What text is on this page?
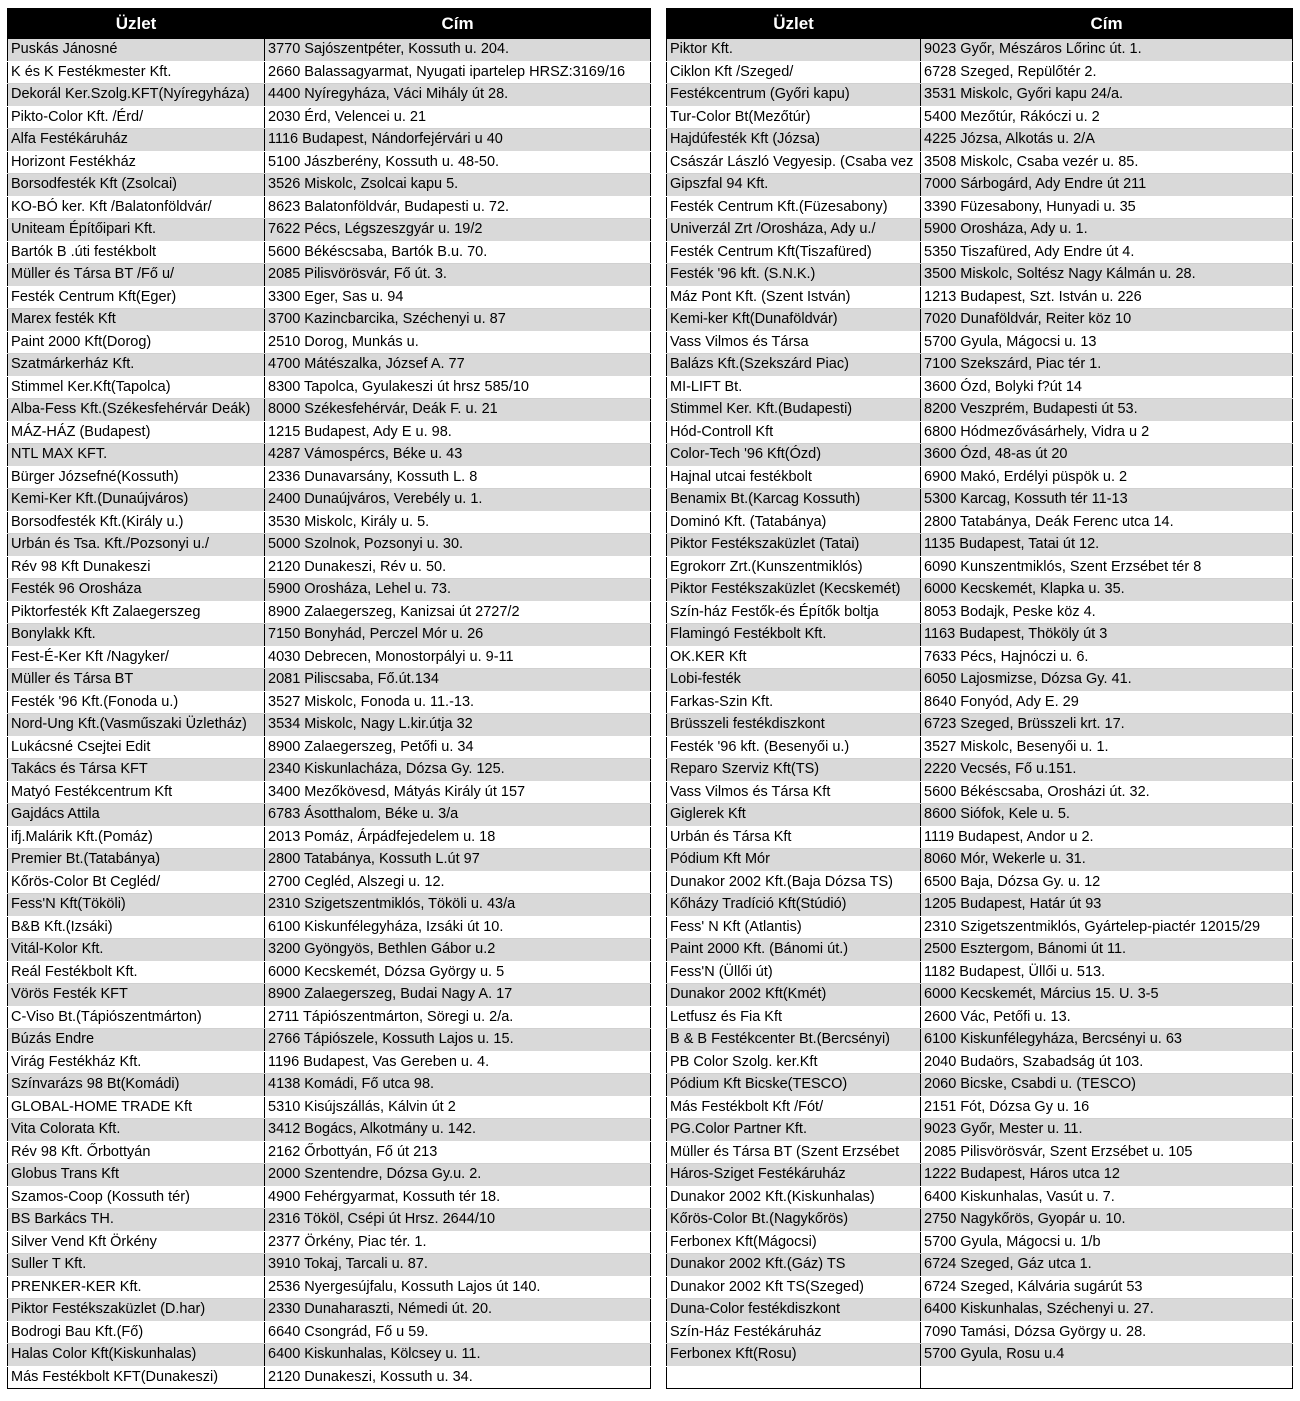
Üzlet	Cím
Puskás Jánosné	3770 Sajószentpéter, Kossuth u. 204.
K és K Festékmester Kft.	2660 Balassagyarmat, Nyugati ipartelep HRSZ:3169/16
Dekorál Ker.Szolg.KFT(Nyíregyháza)	4400 Nyíregyháza, Váci Mihály út 28.
Pikto-Color Kft. /Érd/	2030 Érd, Velencei u. 21
Alfa Festékáruház	1116 Budapest, Nándorfejérvári u 40
Horizont Festékház	5100 Jászberény, Kossuth u. 48-50.
Borsodfesték Kft (Zsolcai)	3526 Miskolc, Zsolcai kapu 5.
KO-BÓ ker. Kft /Balatonföldvár/	8623 Balatonföldvár, Budapesti u. 72.
Uniteam Építőipari Kft.	7622 Pécs, Légszeszgyár u. 19/2
Bartók B .úti festékbolt	5600 Békéscsaba, Bartók B.u. 70.
Müller és Társa BT /Fő u/	2085 Pilisvörösvár, Fő út. 3.
Festék Centrum Kft(Eger)	3300 Eger, Sas u. 94
Marex festék Kft	3700 Kazincbarcika, Széchenyi u. 87
Paint 2000 Kft(Dorog)	2510 Dorog, Munkás u.
Szatmárkerház Kft.	4700 Mátészalka, József A. 77
Stimmel Ker.Kft(Tapolca)	8300 Tapolca, Gyulakeszi út hrsz 585/10
Alba-Fess Kft.(Székesfehérvár Deák)	8000 Székesfehérvár, Deák F. u. 21
MÁZ-HÁZ (Budapest)	1215 Budapest, Ady E u. 98.
NTL MAX KFT.	4287 Vámospércs, Béke u. 43
Bürger Józsefné(Kossuth)	2336 Dunavarsány, Kossuth L. 8
Kemi-Ker Kft.(Dunaújváros)	2400 Dunaújváros, Verebély u. 1.
Borsodfesték Kft.(Király u.)	3530 Miskolc, Király u. 5.
Urbán és Tsa. Kft./Pozsonyi u./	5000 Szolnok, Pozsonyi u. 30.
Rév 98 Kft Dunakeszi	2120 Dunakeszi, Rév u. 50.
Festék 96 Orosháza	5900 Orosháza, Lehel u. 73.
Piktorfesték Kft Zalaegerszeg	8900 Zalaegerszeg, Kanizsai út 2727/2
Bonylakk Kft.	7150 Bonyhád, Perczel Mór u. 26
Fest-É-Ker Kft /Nagyker/	4030 Debrecen, Monostorpályi u. 9-11
Müller és Társa BT	2081 Piliscsaba, Fő.út.134
Festék '96 Kft.(Fonoda u.)	3527 Miskolc, Fonoda u. 11.-13.
Nord-Ung Kft.(Vasműszaki Üzletház)	3534 Miskolc, Nagy L.kir.útja 32
Lukácsné Csejtei Edit	8900 Zalaegerszeg, Petőfi u. 34
Takács és Társa KFT	2340 Kiskunlacháza, Dózsa Gy. 125.
Matyó Festékcentrum Kft	3400 Mezőkövesd, Mátyás Király út 157
Gajdács Attila	6783 Ásotthalom, Béke u. 3/a
ifj.Malárik Kft.(Pomáz)	2013 Pomáz, Árpádfejedelem u. 18
Premier Bt.(Tatabánya)	2800 Tatabánya, Kossuth L.út 97
Kőrös-Color Bt Cegléd/	2700 Cegléd, Alszegi u. 12.
Fess'N Kft(Tököli)	2310 Szigetszentmiklós, Tököli u. 43/a
B&B Kft.(Izsáki)	6100 Kiskunfélegyháza, Izsáki út 10.
Vitál-Kolor Kft.	3200 Gyöngyös, Bethlen Gábor u.2
Reál Festékbolt Kft.	6000 Kecskemét, Dózsa György u. 5
Vörös Festék KFT	8900 Zalaegerszeg, Budai Nagy A. 17
C-Viso Bt.(Tápiószentmárton)	2711 Tápiószentmárton, Söregi u. 2/a.
Búzás Endre	2766 Tápiószele, Kossuth Lajos u. 15.
Virág Festékház Kft.	1196 Budapest, Vas Gereben u. 4.
Színvarázs 98 Bt(Komádi)	4138 Komádi, Fő utca 98.
GLOBAL-HOME TRADE Kft	5310 Kisújszállás, Kálvin út 2
Vita Colorata Kft.	3412 Bogács, Alkotmány u. 142.
Rév 98 Kft. Őrbottyán	2162 Őrbottyán, Fő út 213
Globus Trans Kft	2000 Szentendre, Dózsa Gy.u. 2.
Szamos-Coop (Kossuth tér)	4900 Fehérgyarmat, Kossuth tér 18.
BS Barkács TH.	2316 Tököl, Csépi út Hrsz. 2644/10
Silver Vend Kft Örkény	2377 Örkény, Piac tér. 1.
Suller T Kft.	3910 Tokaj, Tarcali u. 87.
PRENKER-KER Kft.	2536 Nyergesújfalu, Kossuth Lajos út 140.
Piktor Festékszaküzlet (D.har)	2330 Dunaharaszti, Némedi út. 20.
Bodrogi Bau Kft.(Fő)	6640 Csongrád, Fő u 59.
Halas Color Kft(Kiskunhalas)	6400 Kiskunhalas, Kölcsey u. 11.
Más Festékbolt KFT(Dunakeszi)	2120 Dunakeszi, Kossuth u. 34.
Üzlet	Cím
Piktor Kft.	9023 Győr, Mészáros Lőrinc út. 1.
Ciklon Kft /Szeged/	6728 Szeged, Repülőtér 2.
Festékcentrum (Győri kapu)	3531 Miskolc, Győri kapu 24/a.
Tur-Color Bt(Mezőtúr)	5400 Mezőtúr, Rákóczi u. 2
Hajdúfesték Kft (Józsa)	4225 Józsa, Alkotás u. 2/A
Császár László Vegyesip. (Csaba vez	3508 Miskolc, Csaba vezér u. 85.
Gipszfal 94 Kft.	7000 Sárbogárd, Ady Endre út 211
Festék Centrum Kft.(Füzesabony)	3390 Füzesabony, Hunyadi u. 35
Univerzál Zrt /Orosháza, Ady u./	5900 Orosháza, Ady u. 1.
Festék Centrum Kft(Tiszafüred)	5350 Tiszafüred, Ady Endre út 4.
Festék '96 kft. (S.N.K.)	3500 Miskolc, Soltész Nagy Kálmán u. 28.
Máz Pont Kft. (Szent István)	1213 Budapest, Szt. István u. 226
Kemi-ker Kft(Dunaföldvár)	7020 Dunaföldvár, Reiter köz 10
Vass Vilmos és Társa	5700 Gyula, Mágocsi u. 13
Balázs Kft.(Szekszárd Piac)	7100 Szekszárd, Piac tér 1.
MI-LIFT Bt.	3600 Ózd, Bolyki f?út 14
Stimmel Ker. Kft.(Budapesti)	8200 Veszprém, Budapesti út 53.
Hód-Controll Kft	6800 Hódmezővásárhely, Vidra u 2
Color-Tech '96 Kft(Ózd)	3600 Ózd, 48-as út 20
Hajnal utcai festékbolt	6900 Makó, Erdélyi püspök u. 2
Benamix Bt.(Karcag Kossuth)	5300 Karcag, Kossuth tér 11-13
Dominó Kft. (Tatabánya)	2800 Tatabánya, Deák Ferenc utca 14.
Piktor Festékszaküzlet (Tatai)	1135 Budapest, Tatai út 12.
Egrokorr Zrt.(Kunszentmiklós)	6090 Kunszentmiklós, Szent Erzsébet tér 8
Piktor Festékszaküzlet (Kecskemét)	6000 Kecskemét, Klapka u. 35.
Szín-ház Festők-és Építők boltja	8053 Bodajk, Peske köz 4.
Flamingó Festékbolt Kft.	1163 Budapest, Thököly út 3
OK.KER Kft	7633 Pécs, Hajnóczi u. 6.
Lobi-festék	6050 Lajosmizse, Dózsa Gy. 41.
Farkas-Szin Kft.	8640 Fonyód, Ady E. 29
Brüsszeli festékdiszkont	6723 Szeged, Brüsszeli krt. 17.
Festék '96 kft. (Besenyői u.)	3527 Miskolc, Besenyői u. 1.
Reparo Szerviz Kft(TS)	2220 Vecsés, Fő u.151.
Vass Vilmos és Társa Kft	5600 Békéscsaba, Orosházi út. 32.
Giglerek Kft	8600 Siófok, Kele u. 5.
Urbán és Társa Kft	1119 Budapest, Andor u 2.
Pódium Kft Mór	8060 Mór, Wekerle u. 31.
Dunakor 2002 Kft.(Baja Dózsa TS)	6500 Baja, Dózsa Gy. u. 12
Kőházy Tradíció Kft(Stúdió)	1205 Budapest, Határ út 93
Fess' N Kft (Atlantis)	2310 Szigetszentmiklós, Gyártelep-piactér 12015/29
Paint 2000 Kft. (Bánomi út.)	2500 Esztergom, Bánomi út 11.
Fess'N (Üllői út)	1182 Budapest, Üllői u. 513.
Dunakor 2002 Kft(Kmét)	6000 Kecskemét, Március 15. U. 3-5
Letfusz és Fia Kft	2600 Vác, Petőfi u. 13.
B & B Festékcenter Bt.(Bercsényi)	6100 Kiskunfélegyháza, Bercsényi u. 63
PB Color Szolg. ker.Kft	2040 Budaörs, Szabadság út 103.
Pódium Kft Bicske(TESCO)	2060 Bicske, Csabdi u. (TESCO)
Más Festékbolt Kft /Fót/	2151 Fót, Dózsa Gy u. 16
PG.Color Partner Kft.	9023 Győr, Mester u. 11.
Müller és Társa BT (Szent Erzsébet	2085 Pilisvörösvár, Szent Erzsébet u. 105
Háros-Sziget Festékáruház	1222 Budapest, Háros utca 12
Dunakor 2002 Kft.(Kiskunhalas)	6400 Kiskunhalas, Vasút u. 7.
Kőrös-Color Bt.(Nagykőrös)	2750 Nagykőrös, Gyopár u. 10.
Ferbonex Kft(Mágocsi)	5700 Gyula, Mágocsi u. 1/b
Dunakor 2002 Kft.(Gáz) TS	6724 Szeged, Gáz utca 1.
Dunakor 2002 Kft TS(Szeged)	6724 Szeged, Kálvária sugárút 53
Duna-Color festékdiszkont	6400 Kiskunhalas, Széchenyi u. 27.
Szín-Ház Festékáruház	7090 Tamási, Dózsa György u. 28.
Ferbonex Kft(Rosu)	5700 Gyula, Rosu u.4
